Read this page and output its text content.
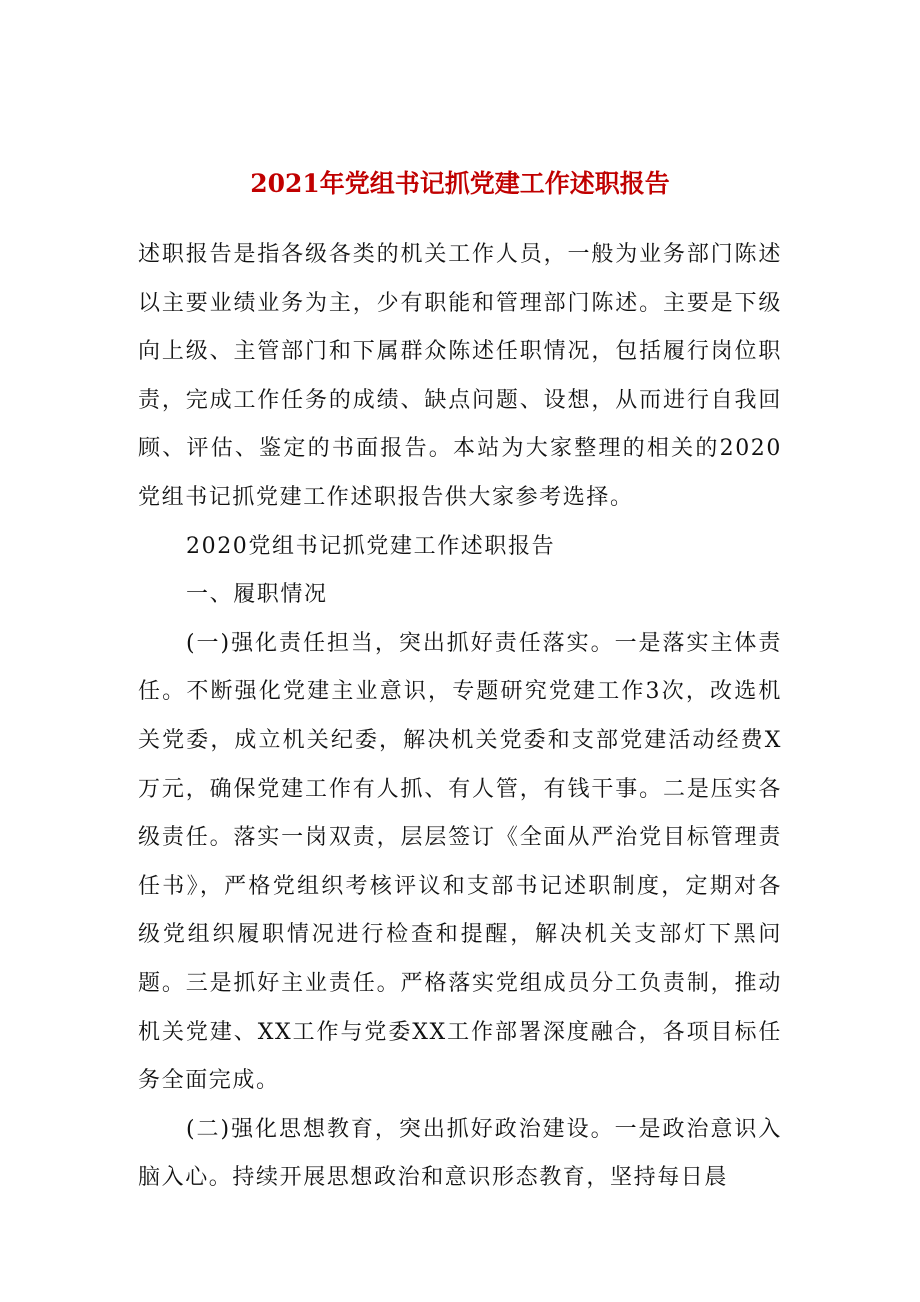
2021年党组书记抓党建工作述职报告

述职报告是指各级各类的机关工作人员，一般为业务部门陈述以主要业绩业务为主，少有职能和管理部门陈述。主要是下级向上级、主管部门和下属群众陈述任职情况，包括履行岗位职责，完成工作任务的成绩、缺点问题、设想，从而进行自我回顾、评估、鉴定的书面报告。本站为大家整理的相关的2020党组书记抓党建工作述职报告供大家参考选择。

2020党组书记抓党建工作述职报告

一、履职情况

(一)强化责任担当，突出抓好责任落实。一是落实主体责任。不断强化党建主业意识，专题研究党建工作3次，改选机关党委，成立机关纪委，解决机关党委和支部党建活动经费X万元，确保党建工作有人抓、有人管，有钱干事。二是压实各级责任。落实一岗双责，层层签订《全面从严治党目标管理责任书》，严格党组织考核评议和支部书记述职制度，定期对各级党组织履职情况进行检查和提醒，解决机关支部灯下黑问题。三是抓好主业责任。严格落实党组成员分工负责制，推动机关党建、XX工作与党委XX工作部署深度融合，各项目标任务全面完成。

(二)强化思想教育，突出抓好政治建设。一是政治意识入脑入心。持续开展思想政治和意识形态教育，坚持每日晨
